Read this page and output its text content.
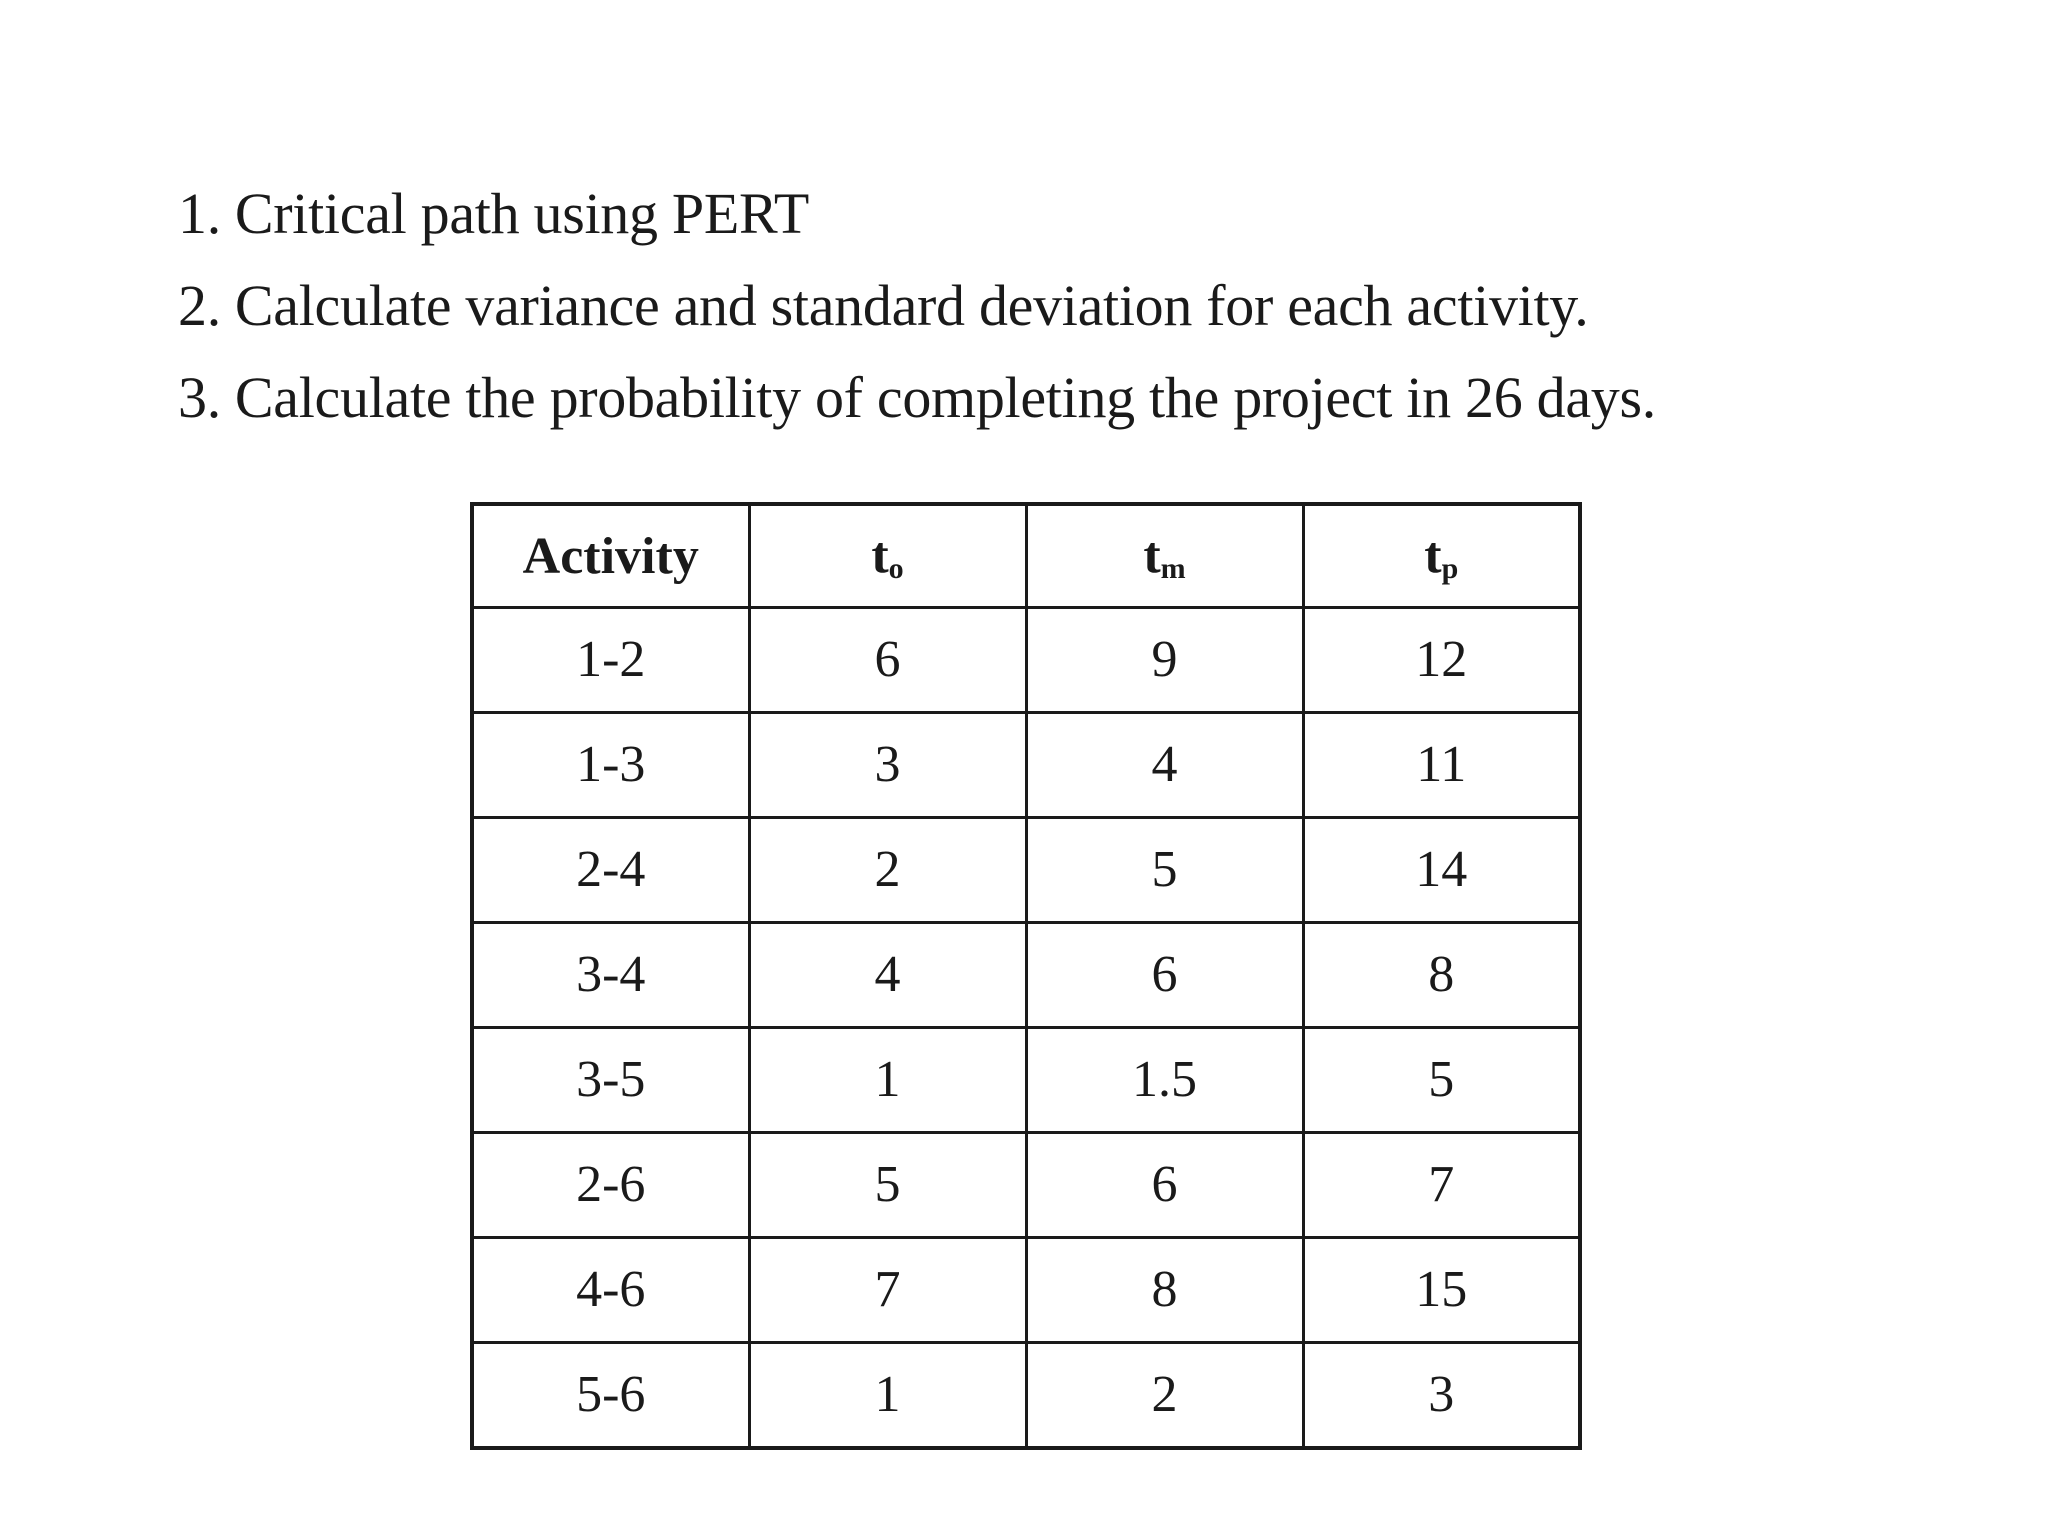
1. Critical path using PERT
2. Calculate variance and standard deviation for each activity.
3. Calculate the probability of completing the project in 26 days.
Activity	$t_o$	$t_m$	$t_p$
1-2	6	9	12
1-3	3	4	11
2-4	2	5	14
3-4	4	6	8
3-5	1	1.5	5
2-6	5	6	7
4-6	7	8	15
5-6	1	2	3
